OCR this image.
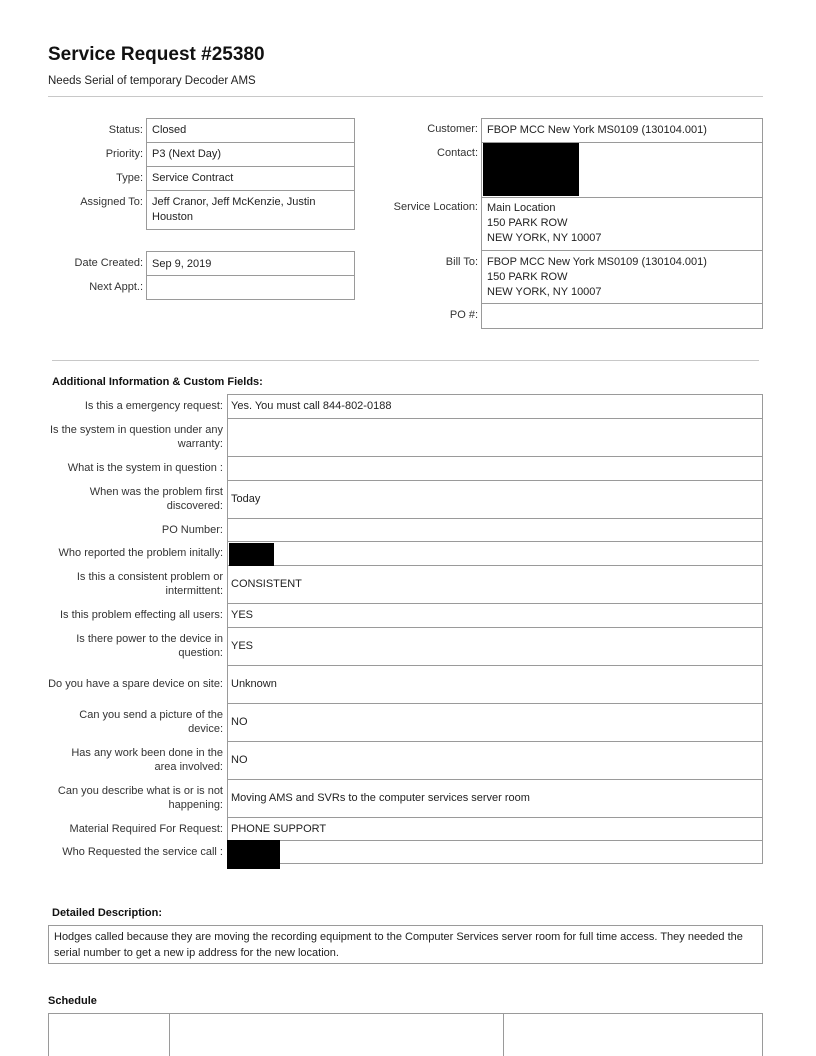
Service Request #25380
Needs Serial of temporary Decoder AMS
Status:
Priority:
Type:
Assigned To:
Closed
P3 (Next Day)
Service Contract
Jeff Cranor, Jeff McKenzie, Justin Houston
Date Created:
Next Appt.:
Sep 9, 2019
Customer:
Contact:
Service Location:
Bill To:
PO #:
FBOP MCC New York MS0109 (130104.001)
Main Location
150 PARK ROW
NEW YORK, NY 10007
FBOP MCC New York MS0109 (130104.001)
150 PARK ROW
NEW YORK, NY 10007
Additional Information & Custom Fields:
Is this a emergency request: Yes. You must call 844-802-0188
Is the system in question under any warranty:
What is the system in question :
When was the problem first discovered:
Today
PO Number:
Who reported the problem initally:
Is this a consistent problem or intermittent:
CONSISTENT
Is this problem effecting all users: YES
Is there power to the device in question:
YES
Do you have a spare device on site: Unknown
Can you send a picture of the device:
NO
Has any work been done in the area involved:
NO
Can you describe what is or is not happening:
Moving AMS and SVRs to the computer services server room
Material Required For Request: PHONE SUPPORT
Who Requested the service call :
Detailed Description:
Hodges called because they are moving the recording equipment to the Computer Services server room for full time access. They needed the serial number to get a new ip address for the new location.
Schedule
